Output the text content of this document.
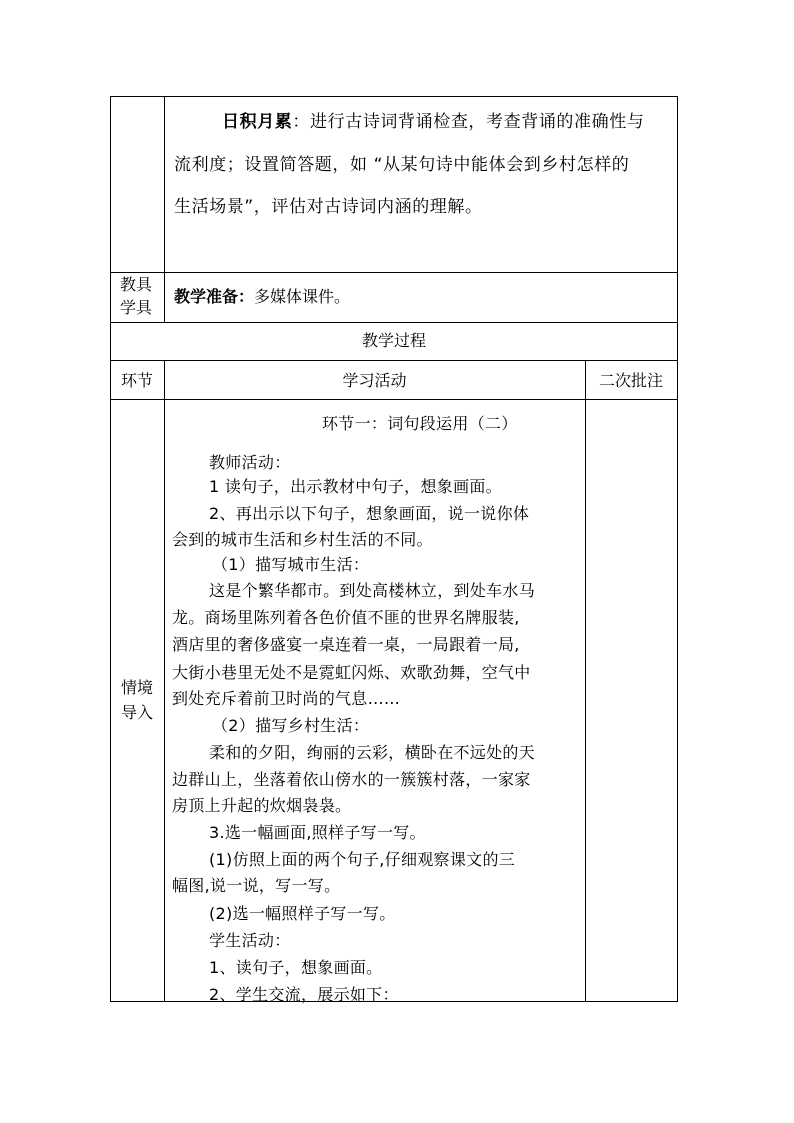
日积月累：进行古诗词背诵检查，考查背诵的准确性与

流利度；设置简答题，如 “从某句诗中能体会到乡村怎样的

生活场景”，评估对古诗词内涵的理解。

教具
学具
教学准备：多媒体课件。
教学过程
环节	学习活动	二次批注
情境
导入

环节一：词句段运用（二）

教师活动：

1 读句子，出示教材中句子，想象画面。

2、再出示以下句子，想象画面，说一说你体

会到的城市生活和乡村生活的不同。

（1）描写城市生活：

这是个繁华都市。到处高楼林立，到处车水马

龙。商场里陈列着各色价值不匪的世界名牌服装,

酒店里的奢侈盛宴一桌连着一桌，一局跟着一局,

大街小巷里无处不是霓虹闪烁、欢歌劲舞，空气中

到处充斥着前卫时尚的气息……

（2）描写乡村生活：

柔和的夕阳，绚丽的云彩，横卧在不远处的天

边群山上，坐落着依山傍水的一簇簇村落，一家家

房顶上升起的炊烟袅袅。

3.选一幅画面,照样子写一写。

(1)仿照上面的两个句子,仔细观察课文的三

幅图,说一说，写一写。

(2)选一幅照样子写一写。

学生活动：

1、读句子，想象画面。

2、学生交流，展示如下：
